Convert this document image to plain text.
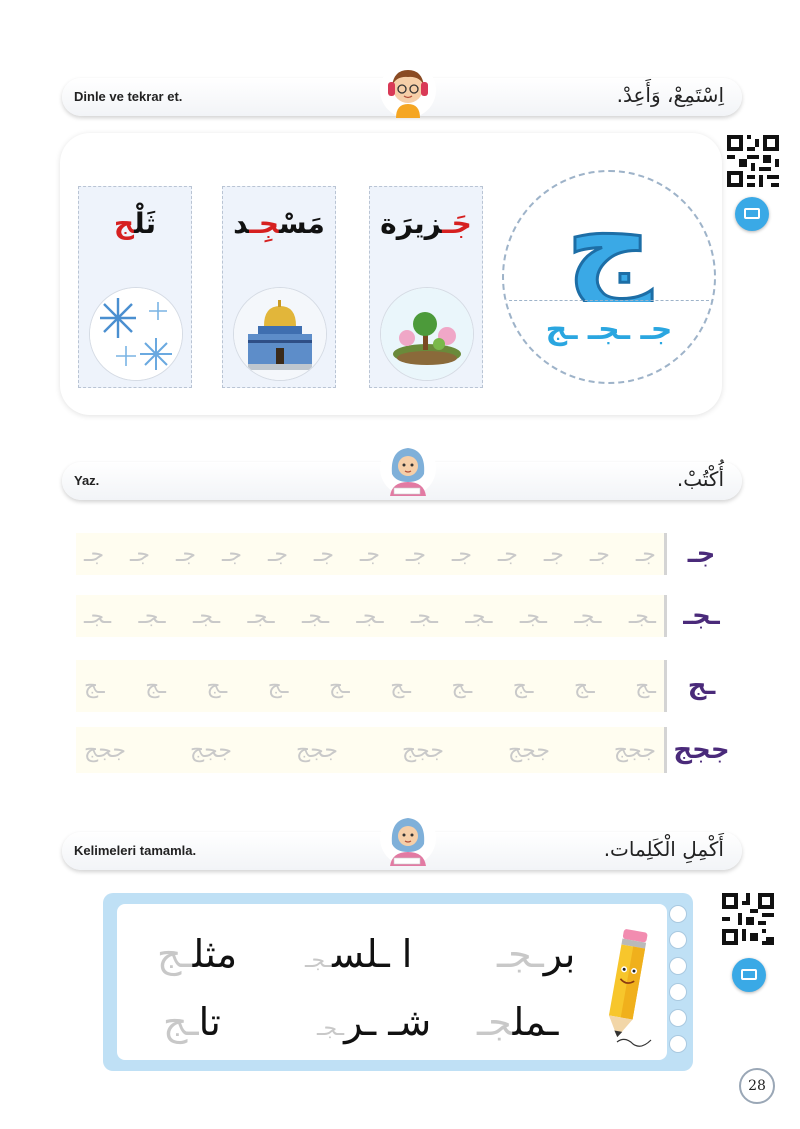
Dinle ve tekrar et.	اِسْتَمِعْ، وَأَعِدْ.
جَـزيرَة
مَسْجِـد
ثَلْج	ج
جـ ـجـ ـج
Yaz.	أُكْتُبْ.
جـ جـ جـ جـ جـ جـ جـ جـ جـ جـ جـ جـ جـ	جـ
ـجـ ـجـ ـجـ ـجـ ـجـ ـجـ ـجـ ـجـ ـجـ ـجـ ـجـ	ـجـ
ـج ـج ـج ـج ـج ـج ـج ـج ـج ـج	ـج
ججج	ججج	ججج	ججج	ججج	ججج ججج
Kelimeleri tamamla.	أَكْمِلِ الْكَلِمات.
برـجـ
ا ـلسـجـ
مثلـج
ـملجـ
شـ ـرـجـ
تاـج
28
